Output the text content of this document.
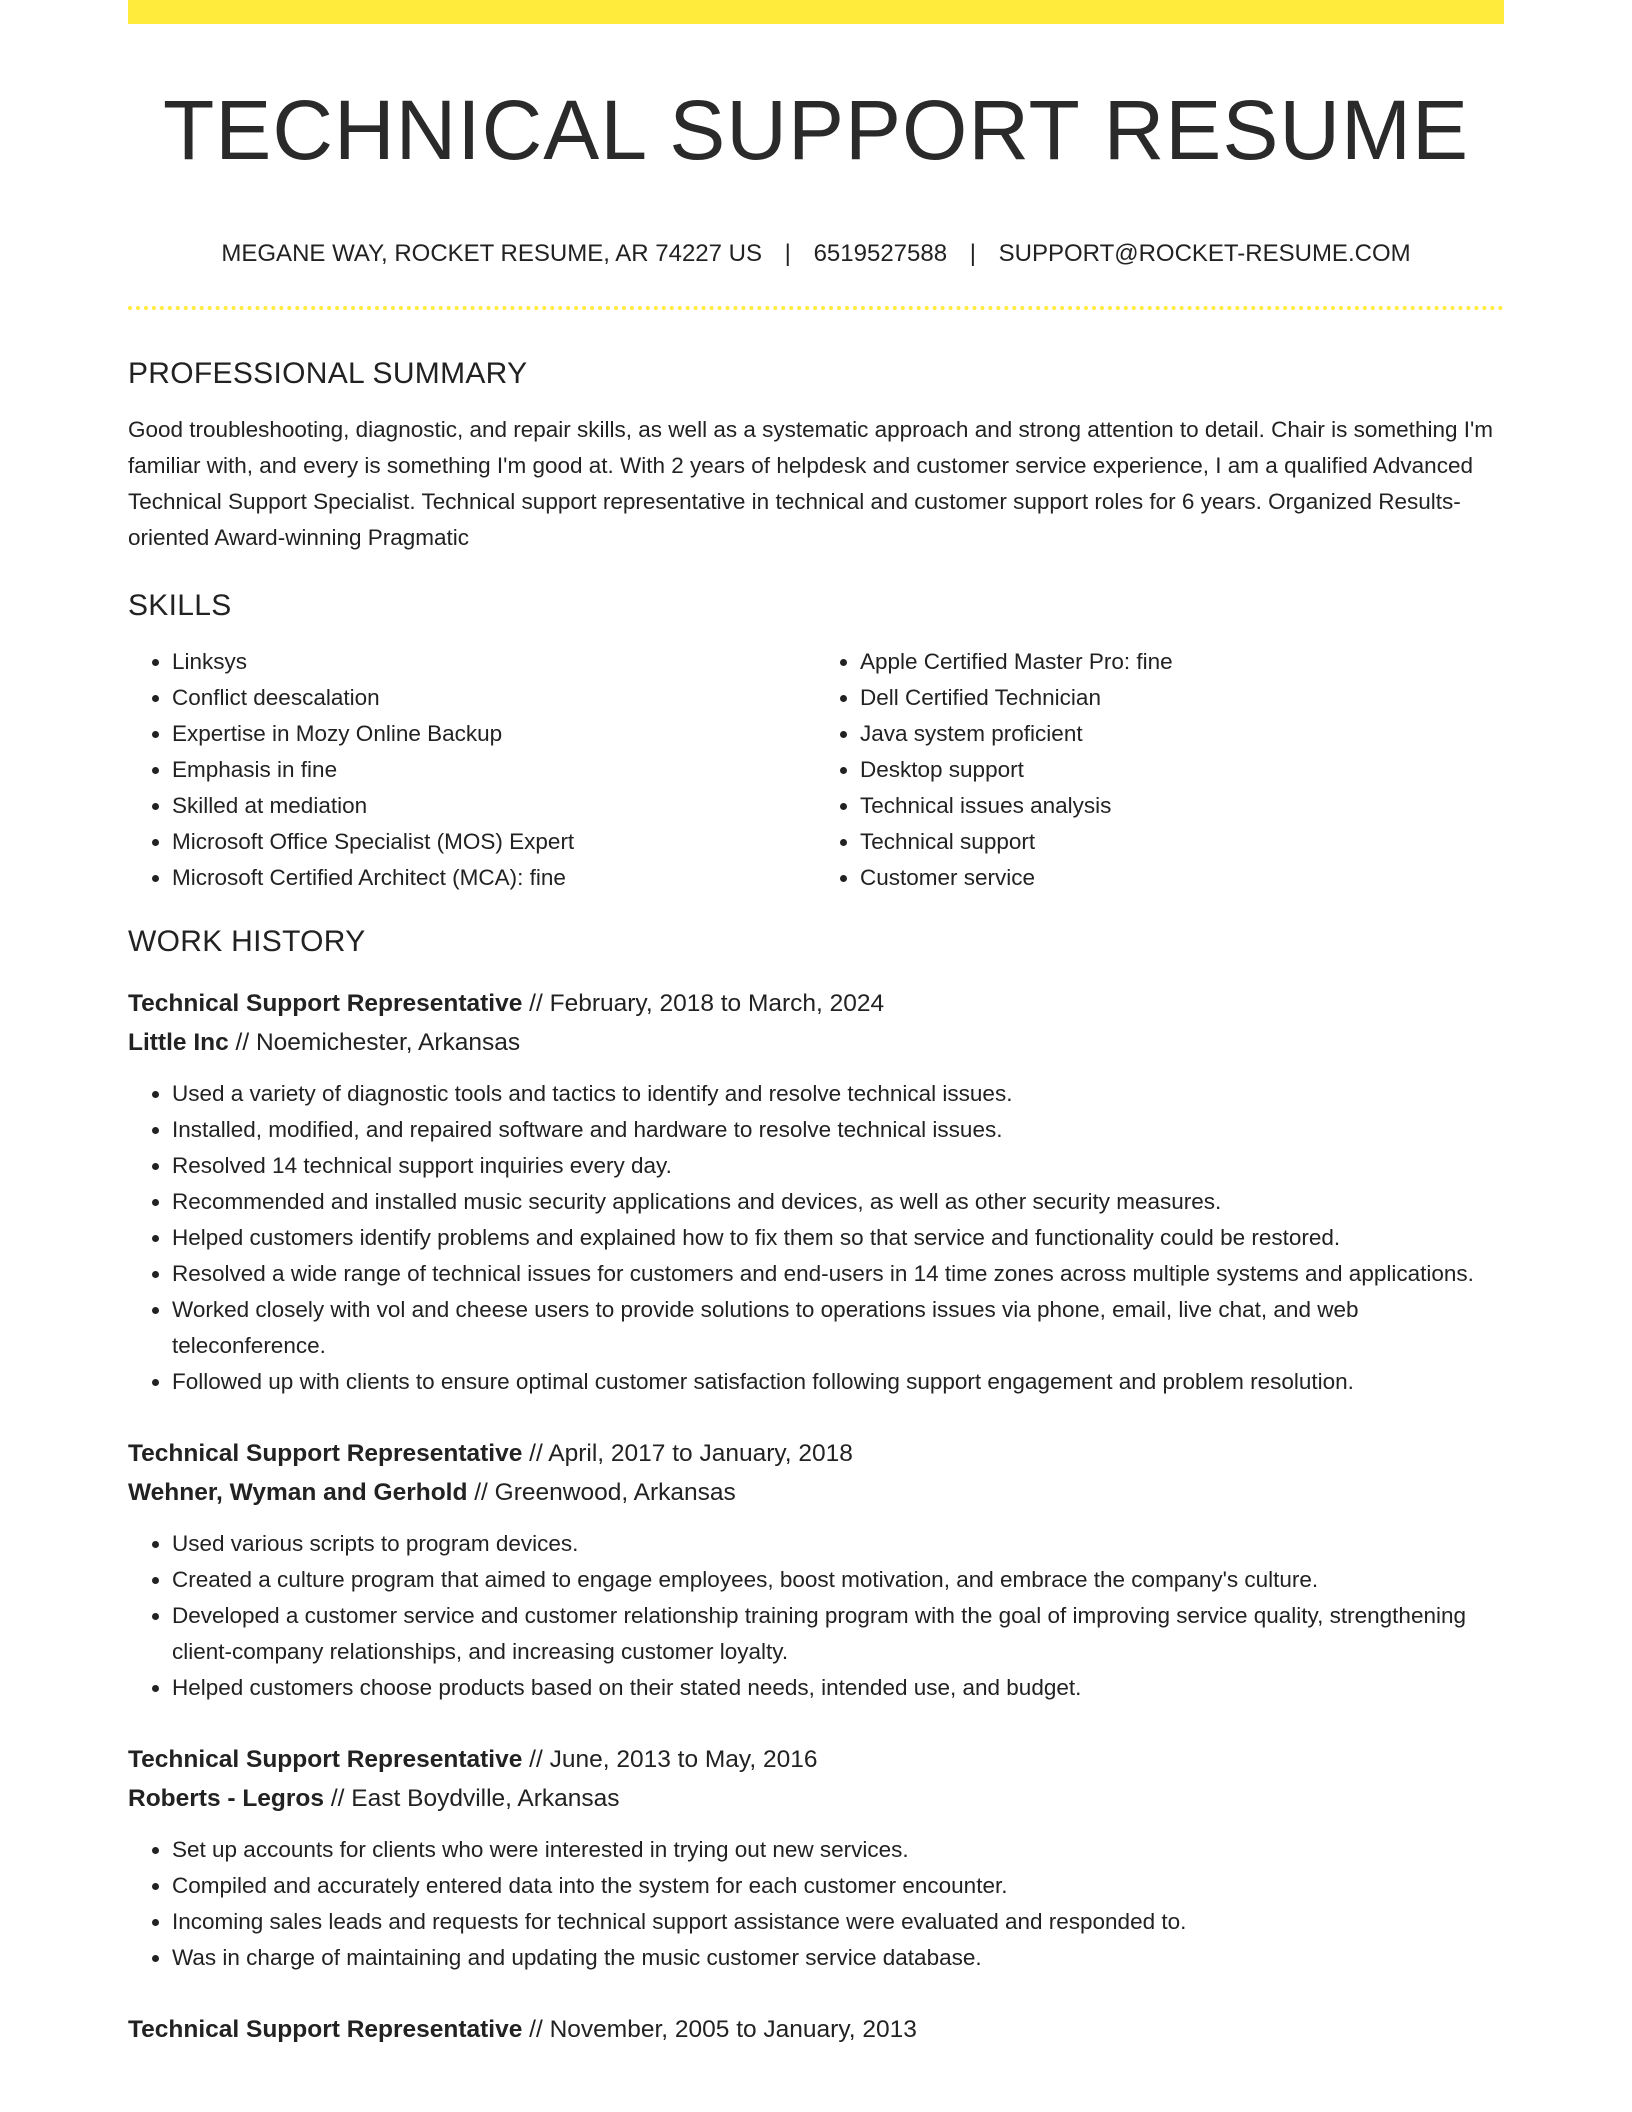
TECHNICAL SUPPORT RESUME
MEGANE WAY, ROCKET RESUME, AR 74227 US | 6519527588 | SUPPORT@ROCKET-RESUME.COM
PROFESSIONAL SUMMARY

Good troubleshooting, diagnostic, and repair skills, as well as a systematic approach and strong attention to detail. Chair is something I'm familiar with, and every is something I'm good at. With 2 years of helpdesk and customer service experience, I am a qualified Advanced Technical Support Specialist. Technical support representative in technical and customer support roles for 6 years. Organized Results-oriented Award-winning Pragmatic

SKILLS
• Linksys
• Conflict deescalation
• Expertise in Mozy Online Backup
• Emphasis in fine
• Skilled at mediation
• Microsoft Office Specialist (MOS) Expert
• Microsoft Certified Architect (MCA): fine
• Apple Certified Master Pro: fine
• Dell Certified Technician
• Java system proficient
• Desktop support
• Technical issues analysis
• Technical support
• Customer service
WORK HISTORY
Technical Support Representative // February, 2018 to March, 2024
Little Inc // Noemichester, Arkansas
• Used a variety of diagnostic tools and tactics to identify and resolve technical issues.
• Installed, modified, and repaired software and hardware to resolve technical issues.
• Resolved 14 technical support inquiries every day.
• Recommended and installed music security applications and devices, as well as other security measures.
• Helped customers identify problems and explained how to fix them so that service and functionality could be restored.
• Resolved a wide range of technical issues for customers and end-users in 14 time zones across multiple systems and applications.
• Worked closely with vol and cheese users to provide solutions to operations issues via phone, email, live chat, and web teleconference.
• Followed up with clients to ensure optimal customer satisfaction following support engagement and problem resolution.
Technical Support Representative // April, 2017 to January, 2018
Wehner, Wyman and Gerhold // Greenwood, Arkansas
• Used various scripts to program devices.
• Created a culture program that aimed to engage employees, boost motivation, and embrace the company's culture.
• Developed a customer service and customer relationship training program with the goal of improving service quality, strengthening client-company relationships, and increasing customer loyalty.
• Helped customers choose products based on their stated needs, intended use, and budget.
Technical Support Representative // June, 2013 to May, 2016
Roberts - Legros // East Boydville, Arkansas
• Set up accounts for clients who were interested in trying out new services.
• Compiled and accurately entered data into the system for each customer encounter.
• Incoming sales leads and requests for technical support assistance were evaluated and responded to.
• Was in charge of maintaining and updating the music customer service database.
Technical Support Representative // November, 2005 to January, 2013
